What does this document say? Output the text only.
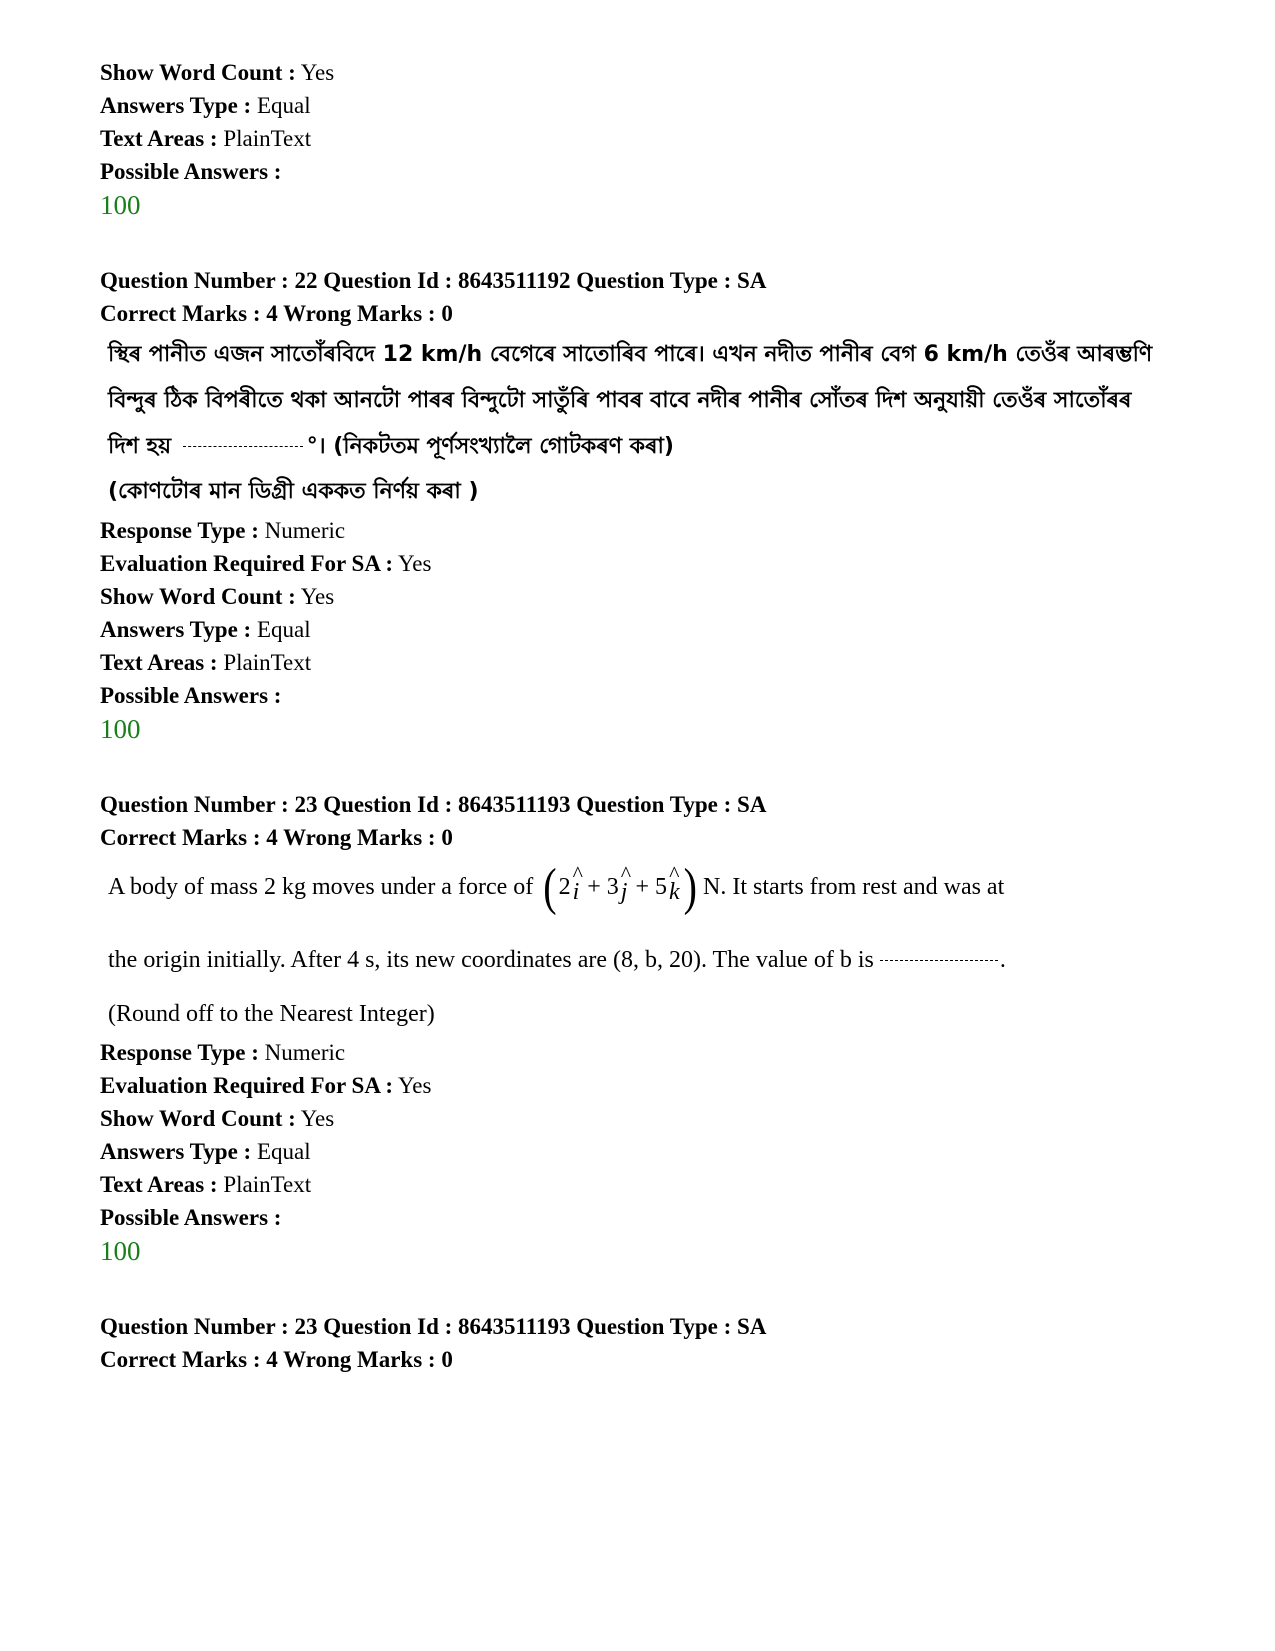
Show Word Count : Yes
Answers Type : Equal
Text Areas : PlainText
Possible Answers :
100
Question Number : 22 Question Id : 8643511192 Question Type : SA
Correct Marks : 4 Wrong Marks : 0
স্থিৰ পানীত এজন সাতোঁৰবিদে 12 km/h বেগেৰে সাতোৰিব পাৰে। এখন নদীত পানীৰ বেগ 6 km/h তেওঁৰ আৰম্ভণি
বিন্দুৰ ঠিক বিপৰীতে থকা আনটো পাৰৰ বিন্দুটো সাতুঁৰি পাবৰ বাবে নদীৰ পানীৰ সোঁতৰ দিশ অনুযায়ী তেওঁৰ সাতোঁৰৰ
দিশ হয়	°। (নিকটতম পূৰ্ণসংখ্যালৈ গোটকৰণ কৰা)
(কোণটোৰ মান ডিগ্ৰী এককত নিৰ্ণয় কৰা )
Response Type : Numeric
Evaluation Required For SA : Yes
Show Word Count : Yes
Answers Type : Equal
Text Areas : PlainText
Possible Answers :
100
Question Number : 23 Question Id : 8643511193 Question Type : SA
Correct Marks : 4 Wrong Marks : 0
A body of mass 2 kg moves under a force of ( 2
^
i
+ 3
^
j
+ 5
^
k ) N. It starts from rest and was at
the origin initially. After 4 s, its new coordinates are (8, b, 20). The value of b is	.
(Round off to the Nearest Integer)
Response Type : Numeric
Evaluation Required For SA : Yes
Show Word Count : Yes
Answers Type : Equal
Text Areas : PlainText
Possible Answers :
100
Question Number : 23 Question Id : 8643511193 Question Type : SA
Correct Marks : 4 Wrong Marks : 0
